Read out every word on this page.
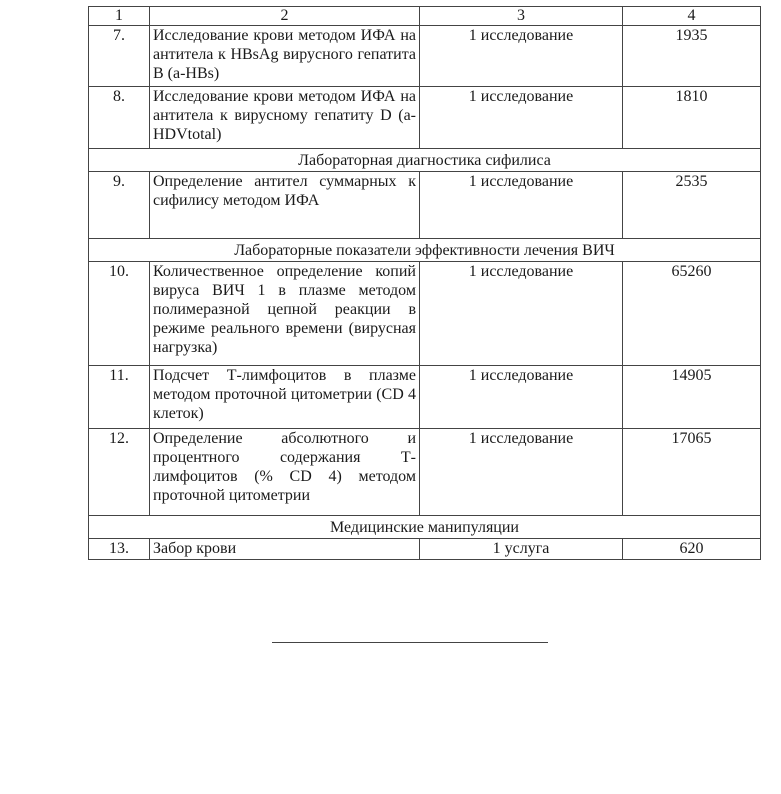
1	2	3	4
7.	Исследование крови методом ИФА на антитела к HBsAg вирусного гепатита В (a-HBs)	1 исследование	1935
8.	Исследование крови методом ИФА на антитела к вирусному гепатиту D (a-HDVtotal)	1 исследование	1810
Лабораторная диагностика сифилиса			
9.	Определение антител суммарных к сифилису методом ИФА	1 исследование	2535
Лабораторные показатели эффективности лечения ВИЧ			
10.	Количественное определение копий вируса ВИЧ 1 в плазме методом полимеразной цепной реакции в режиме реального времени (вирусная нагрузка)	1 исследование	65260
11.	Подсчет Т-лимфоцитов в плазме методом проточной цитометрии (CD 4 клеток)	1 исследование	14905
12.	Определение абсолютного и процентного содержания Т-лимфоцитов (% CD 4) методом проточной цитометрии	1 исследование	17065
Медицинские манипуляции			
13.	Забор крови	1 услуга	620
